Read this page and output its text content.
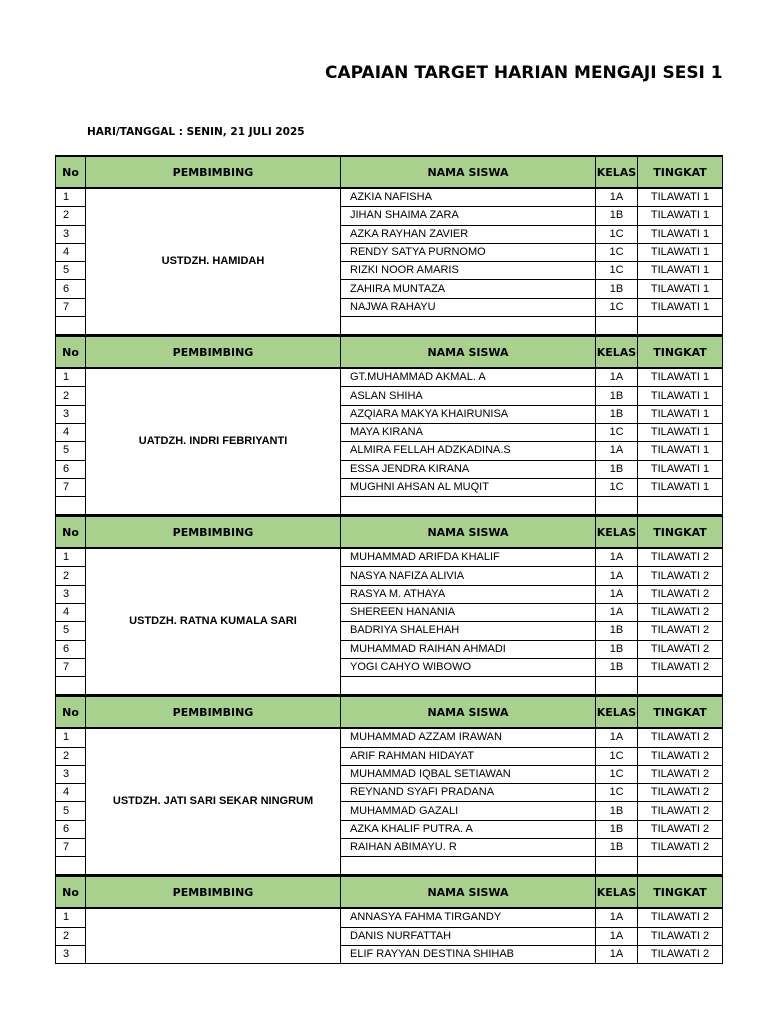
CAPAIAN TARGET HARIAN MENGAJI SESI 1
HARI/TANGGAL : SENIN, 21 JULI 2025
No	PEMBIMBING	NAMA SISWA	KELAS	TINGKAT
1	USTDZH. HAMIDAH	AZKIA NAFISHA	1A	TILAWATI 1
2		JIHAN SHAIMA ZARA	1B	TILAWATI 1
3		AZKA RAYHAN ZAVIER	1C	TILAWATI 1
4		RENDY SATYA PURNOMO	1C	TILAWATI 1
5		RIZKI NOOR AMARIS	1C	TILAWATI 1
6		ZAHIRA MUNTAZA	1B	TILAWATI 1
7		NAJWA RAHAYU	1C	TILAWATI 1

No	PEMBIMBING	NAMA SISWA	KELAS	TINGKAT
1	UATDZH. INDRI FEBRIYANTI	GT.MUHAMMAD AKMAL. A	1A	TILAWATI 1
2		ASLAN SHIHA	1B	TILAWATI 1
3		AZQIARA MAKYA KHAIRUNISA	1B	TILAWATI 1
4		MAYA KIRANA	1C	TILAWATI 1
5		ALMIRA FELLAH ADZKADINA.S	1A	TILAWATI 1
6		ESSA JENDRA KIRANA	1B	TILAWATI 1
7		MUGHNI AHSAN AL MUQIT	1C	TILAWATI 1

No	PEMBIMBING	NAMA SISWA	KELAS	TINGKAT
1	USTDZH. RATNA KUMALA SARI	MUHAMMAD ARIFDA KHALIF	1A	TILAWATI 2
2		NASYA NAFIZA ALIVIA	1A	TILAWATI 2
3		RASYA M. ATHAYA	1A	TILAWATI 2
4		SHEREEN HANANIA	1A	TILAWATI 2
5		BADRIYA SHALEHAH	1B	TILAWATI 2
6		MUHAMMAD RAIHAN AHMADI	1B	TILAWATI 2
7		YOGI CAHYO WIBOWO	1B	TILAWATI 2

No	PEMBIMBING	NAMA SISWA	KELAS	TINGKAT
1	USTDZH. JATI SARI SEKAR NINGRUM	MUHAMMAD AZZAM IRAWAN	1A	TILAWATI 2
2		ARIF RAHMAN HIDAYAT	1C	TILAWATI 2
3		MUHAMMAD IQBAL SETIAWAN	1C	TILAWATI 2
4		REYNAND SYAFI PRADANA	1C	TILAWATI 2
5		MUHAMMAD GAZALI	1B	TILAWATI 2
6		AZKA KHALIF PUTRA. A	1B	TILAWATI 2
7		RAIHAN ABIMAYU. R	1B	TILAWATI 2

No	PEMBIMBING	NAMA SISWA	KELAS	TINGKAT
1		ANNASYA FAHMA TIRGANDY	1A	TILAWATI 2
2		DANIS NURFATTAH	1A	TILAWATI 2
3		ELIF RAYYAN DESTINA SHIHAB	1A	TILAWATI 2
